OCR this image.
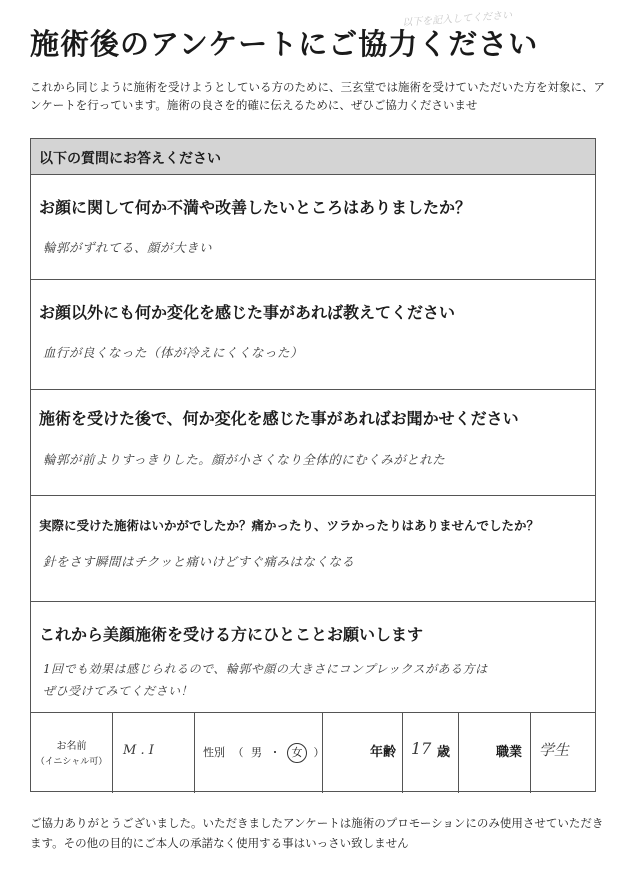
以下を記入してください
施術後のアンケートにご協力ください
これから同じように施術を受けようとしている方のために、三玄堂では施術を受けていただいた方を対象に、アンケートを行っています。施術の良さを的確に伝えるために、ぜひご協力くださいませ
以下の質問にお答えください
お顔に関して何か不満や改善したいところはありましたか？
輪郭がずれてる、顔が大きい
お顔以外にも何か変化を感じた事があれば教えてください
血行が良くなった（体が冷えにくくなった）
施術を受けた後で、何か変化を感じた事があればお聞かせください
輪郭が前よりすっきりした。顔が小さくなり全体的にむくみがとれた
実際に受けた施術はいかがでしたか？痛かったり、ツラかったりはありませんでしたか？
針をさす瞬間はチクッと痛いけどすぐ痛みはなくなる
これから美顔施術を受ける方にひとことお願いします
1回でも効果は感じられるので、輪郭や顔の大きさにコンプレックスがある方は
ぜひ受けてみてください！
お名前
（イニシャル可）
M . I	性別 （ 男 ・ 女 ）	年齢 17 歳	職業 学生
ご協力ありがとうございました。いただきましたアンケートは施術のプロモーションにのみ使用させていただきます。その他の目的にご本人の承諾なく使用する事はいっさい致しません
